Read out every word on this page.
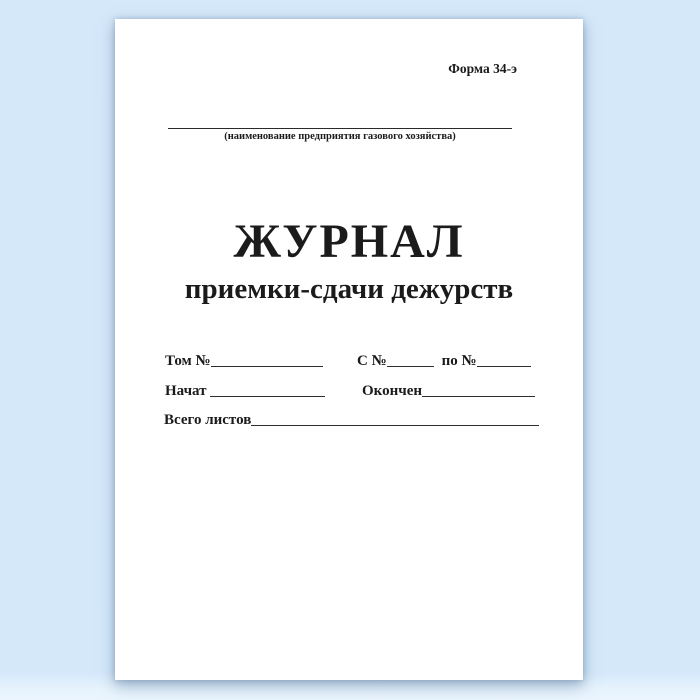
Форма 34-э
(наименование предприятия газового хозяйства)
ЖУРНАЛ
приемки-сдачи дежурств
Том №	С №	по №
Начат	Окончен
Всего листов
